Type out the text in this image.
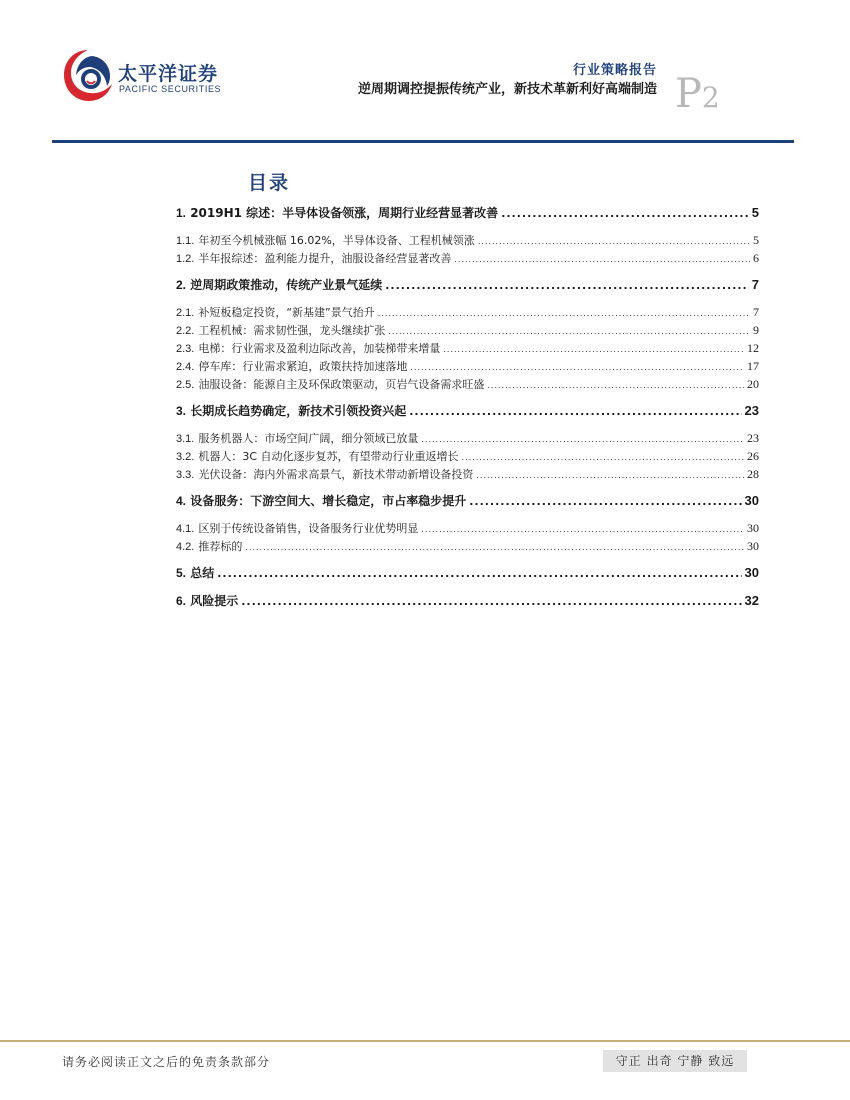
太平洋证券
PACIFIC SECURITIES
行业策略报告
逆周期调控提振传统产业，新技术革新利好高端制造 P2
目录
1. 2019H1 综述：半导体设备领涨，周期行业经营显著改善 .....	5
1.1. 年初至今机械涨幅 16.02%，半导体设备、工程机械领涨 .....	5
1.2. 半年报综述：盈利能力提升，油服设备经营显著改善 .....	6
2. 逆周期政策推动，传统产业景气延续 .....	7
2.1. 补短板稳定投资，“新基建”景气抬升 .....	7
2.2. 工程机械：需求韧性强，龙头继续扩张 .....	9
2.3. 电梯：行业需求及盈利边际改善，加装梯带来增量 .....	12
2.4. 停车库：行业需求紧迫，政策扶持加速落地 .....	17
2.5. 油服设备：能源自主及环保政策驱动，页岩气设备需求旺盛 .....	20
3. 长期成长趋势确定，新技术引领投资兴起 .....	23
3.1. 服务机器人：市场空间广阔，细分领域已放量 .....	23
3.2. 机器人：3C 自动化逐步复苏，有望带动行业重返增长 .....	26
3.3. 光伏设备：海内外需求高景气，新技术带动新增设备投资 .....	28
4. 设备服务：下游空间大、增长稳定，市占率稳步提升 .....	30
4.1. 区别于传统设备销售，设备服务行业优势明显 .....	30
4.2. 推荐标的 .....	30
5. 总结 .....	30
6. 风险提示 .....	32
请务必阅读正文之后的免责条款部分	守正 出奇 宁静 致远
